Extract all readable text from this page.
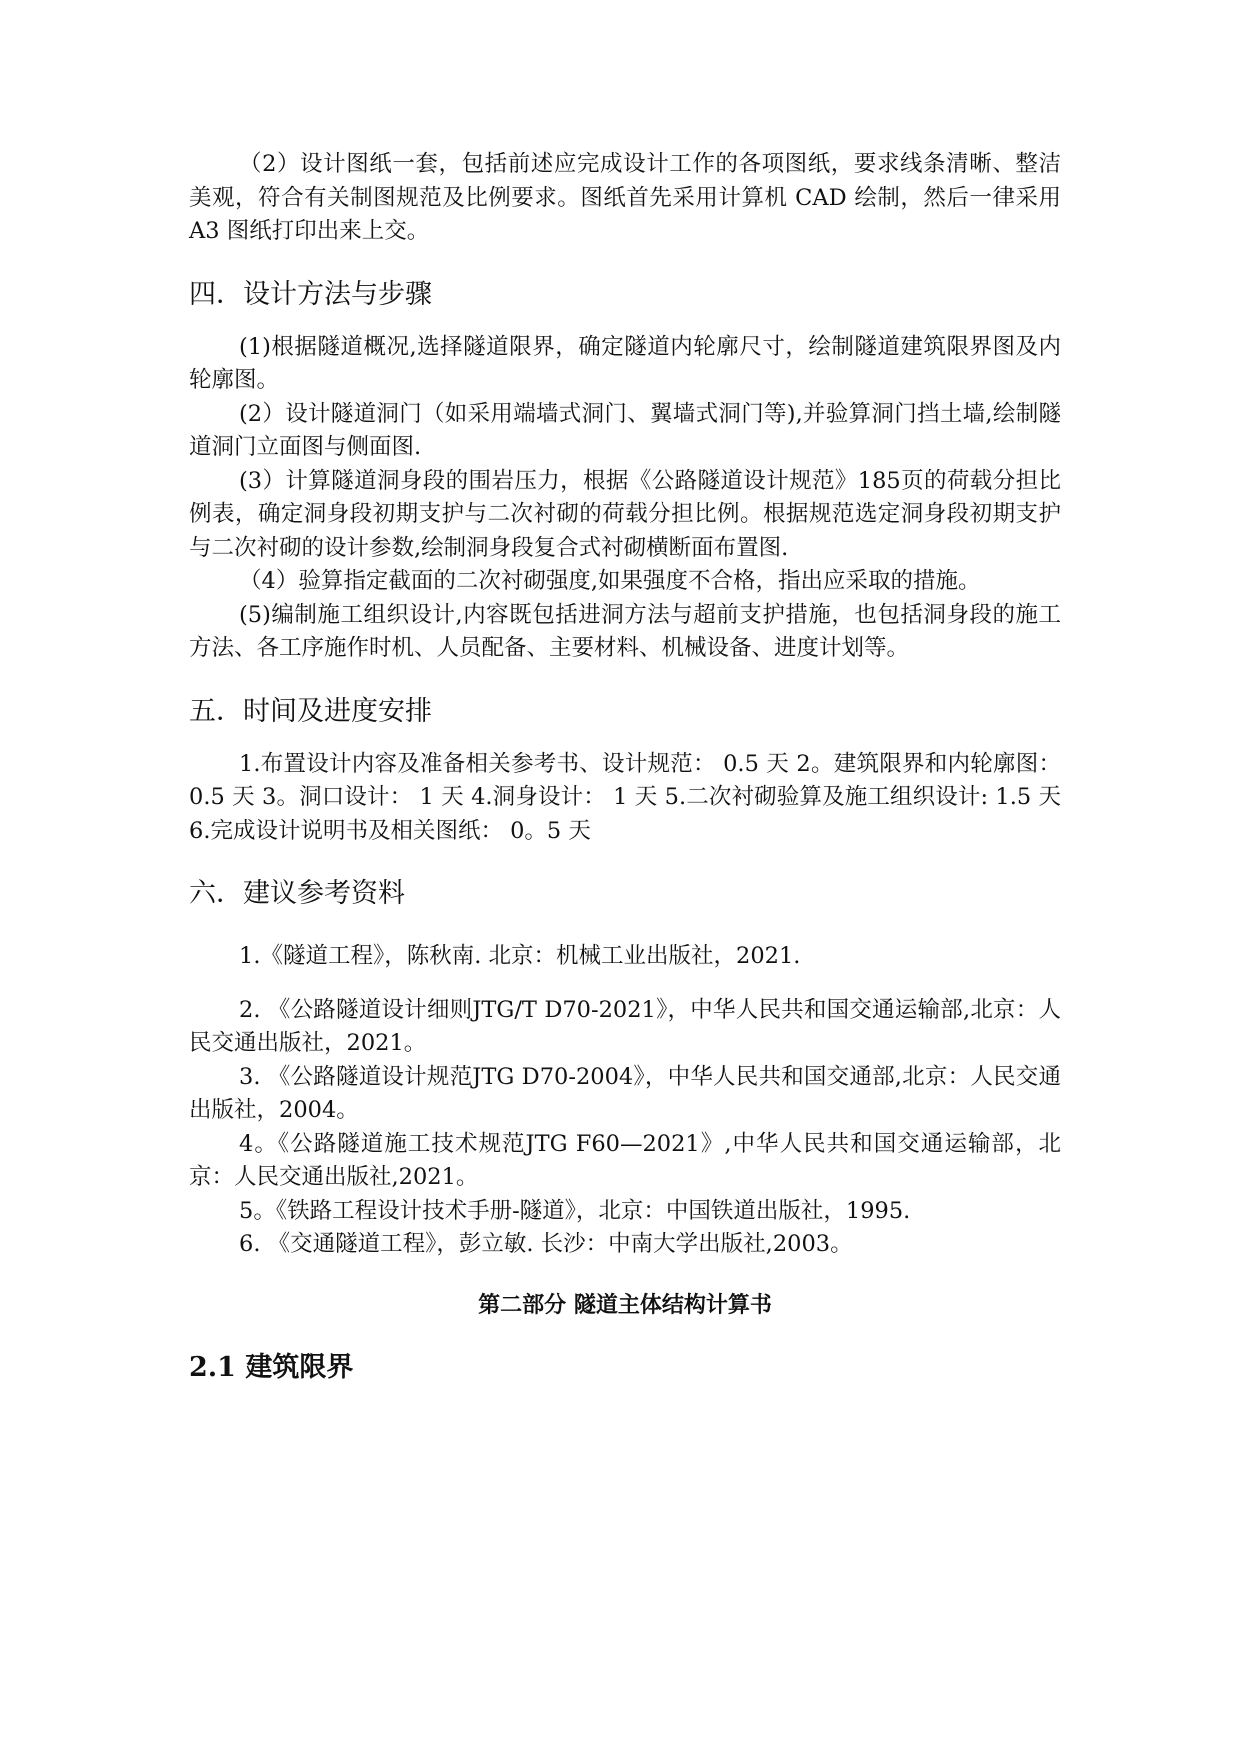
（2）设计图纸一套，包括前述应完成设计工作的各项图纸，要求线条清晰、整洁美观，符合有关制图规范及比例要求。图纸首先采用计算机 CAD 绘制，然后一律采用 A3 图纸打印出来上交。

四．设计方法与步骤

(1)根据隧道概况,选择隧道限界，确定隧道内轮廓尺寸，绘制隧道建筑限界图及内轮廓图。

(2）设计隧道洞门（如采用端墙式洞门、翼墙式洞门等),并验算洞门挡土墙,绘制隧道洞门立面图与侧面图.

(3）计算隧道洞身段的围岩压力，根据《公路隧道设计规范》185页的荷载分担比例表，确定洞身段初期支护与二次衬砌的荷载分担比例。根据规范选定洞身段初期支护与二次衬砌的设计参数,绘制洞身段复合式衬砌横断面布置图.

（4）验算指定截面的二次衬砌强度,如果强度不合格，指出应采取的措施。

(5)编制施工组织设计,内容既包括进洞方法与超前支护措施，也包括洞身段的施工方法、各工序施作时机、人员配备、主要材料、机械设备、进度计划等。

五．时间及进度安排

1.布置设计内容及准备相关参考书、设计规范： 0.5 天 2。建筑限界和内轮廓图： 0.5 天 3。洞口设计： 1 天 4.洞身设计： 1 天 5.二次衬砌验算及施工组织设计: 1.5 天 6.完成设计说明书及相关图纸： 0。5 天

六．建议参考资料

1.《隧道工程》，陈秋南. 北京：机械工业出版社，2021.

2. 《公路隧道设计细则JTG/T D70-2021》，中华人民共和国交通运输部,北京：人民交通出版社，2021。

3. 《公路隧道设计规范JTG D70-2004》，中华人民共和国交通部,北京：人民交通出版社，2004。

4。《公路隧道施工技术规范JTG F60—2021》,中华人民共和国交通运输部，北京：人民交通出版社,2021。

5。《铁路工程设计技术手册-隧道》，北京：中国铁道出版社，1995.

6. 《交通隧道工程》，彭立敏. 长沙：中南大学出版社,2003。

第二部分 隧道主体结构计算书
2.1 建筑限界
